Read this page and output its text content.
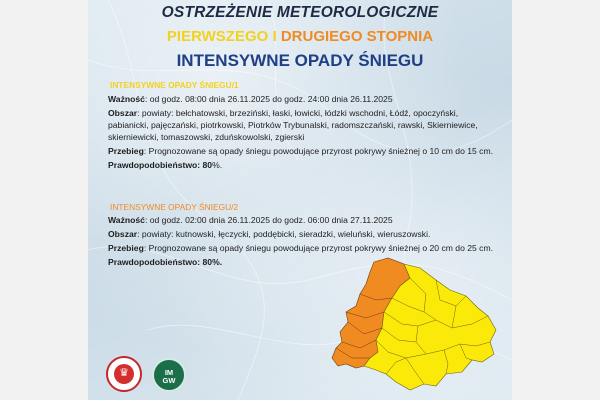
OSTRZEŻENIE METEOROLOGICZNE
PIERWSZEGO I DRUGIEGO STOPNIA
INTENSYWNE OPADY ŚNIEGU
INTENSYWNE OPADY ŚNIEGU/1

Ważność: od godz. 08:00 dnia 26.11.2025 do godz. 24:00 dnia 26.11.2025

Obszar: powiaty: bełchatowski, brzeziński, łaski, łowicki, łódzki wschodni, Łódź, opoczyński, pabianicki, pajęczański, piotrkowski, Piotrków Trybunalski, radomszczański, rawski, Skierniewice, skierniewicki, tomaszowski, zduńskowolski, zgierski

Przebieg: Prognozowane są opady śniegu powodujące przyrost pokrywy śnieżnej o 10 cm do 15 cm.

Prawdopodobieństwo: 80%.

INTENSYWNE OPADY ŚNIEGU/2

Ważność: od godz. 02:00 dnia 26.11.2025 do godz. 06:00 dnia 27.11.2025

Obszar: powiaty: kutnowski, łęczycki, poddębicki, sieradzki, wieluński, wieruszowski.

Przebieg: Prognozowane są opady śniegu powodujące przyrost pokrywy śnieżnej o 20 cm do 25 cm.

Prawdopodobieństwo: 80%.

♛	IM
GW
